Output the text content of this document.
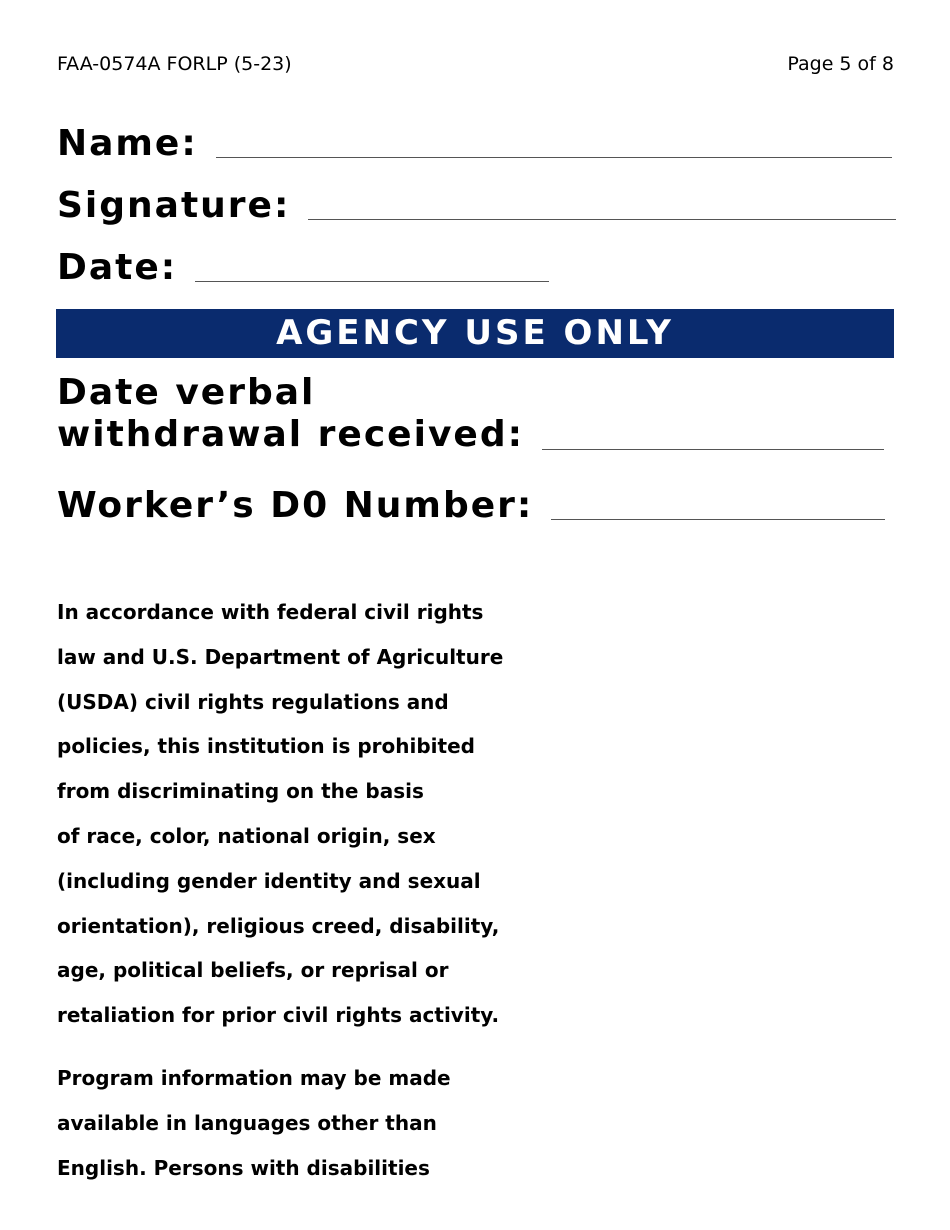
FAA-0574A FORLP (5-23)	Page 5 of 8
Name:
Signature:
Date:
AGENCY USE ONLY
Date verbal
withdrawal received:
Worker’s D0 Number:
In accordance with federal civil rights
law and U.S. Department of Agriculture
(USDA) civil rights regulations and
policies, this institution is prohibited
from discriminating on the basis
of race, color, national origin, sex
(including gender identity and sexual
orientation), religious creed, disability,
age, political beliefs, or reprisal or
retaliation for prior civil rights activity.
Program information may be made
available in languages other than
English. Persons with disabilities
